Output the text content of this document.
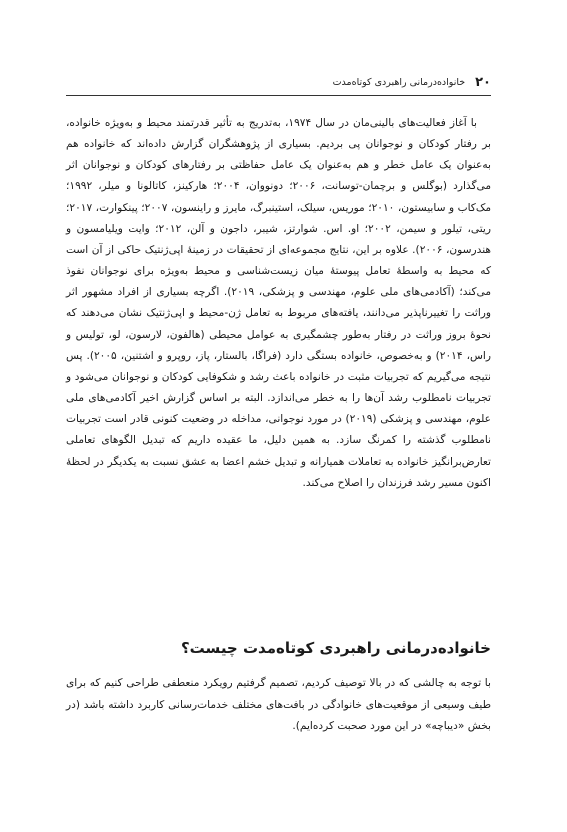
۲۰
خانواده‌درمانی راهبردی کوتاه‌مدت

با آغاز فعالیت‌های بالینی‌مان در سال ۱۹۷۴، به‌تدریج به تأثیر قدرتمند محیط و به‌ویژه خانواده، بر رفتار کودکان و نوجوانان پی بردیم. بسیاری از پژوهشگران گزارش داده‌اند که خانواده هم به‌عنوان یک عامل خطر و هم به‌عنوان یک عامل حفاظتی بر رفتارهای کودکان و نوجوانان اثر می‌گذارد (بوگلس و برچمان-توسانت، ۲۰۰۶؛ دونووان، ۲۰۰۴؛ هارکینز، کاتالونا و میلر، ۱۹۹۲؛ مک‌کاب و سابیستون، ۲۰۱۰؛ موریس، سیلک، استینبرگ، مایرز و راینسون، ۲۰۰۷؛ پینکوارت، ۲۰۱۷؛ ریتی، تیلور و سیمن، ۲۰۰۲؛ او. اس. شوارتز، شیبر، داجون و آلن، ۲۰۱۲؛ وایت ویلیامسون و هندرسون، ۲۰۰۶). علاوه بر این، نتایج مجموعه‌ای از تحقیقات در زمینهٔ اپی‌ژنتیک حاکی از آن است که محیط به واسطهٔ تعامل پیوستهٔ میان زیست‌شناسی و محیط به‌ویژه برای نوجوانان نفوذ می‌کند؛ (آکادمی‌های ملی علوم، مهندسی و پزشکی، ۲۰۱۹). اگرچه بسیاری از افراد مشهور اثر وراثت را تغییرناپذیر می‌دانند، یافته‌های مربوط به تعامل ژن-محیط و اپی‌ژنتیک نشان می‌دهند که نحوهٔ بروز وراثت در رفتار به‌طور چشمگیری به عوامل محیطی (هالفون، لارسون، لو، تولیس و راس، ۲۰۱۴) و به‌خصوص، خانواده بستگی دارد (فراگا، بالستار، پاز، روپرو و اشتنین، ۲۰۰۵). پس نتیجه می‌گیریم که تجربیات مثبت در خانواده باعث رشد و شکوفایی کودکان و نوجوانان می‌شود و تجربیات نامطلوب رشد آن‌ها را به خطر می‌اندازد. البته بر اساس گزارش اخیر آکادمی‌های ملی علوم، مهندسی و پزشکی (۲۰۱۹) در مورد نوجوانی، مداخله در وضعیت کنونی قادر است تجربیات نامطلوب گذشته را کمرنگ سازد. به همین دلیل، ما عقیده داریم که تبدیل الگوهای تعاملی تعارض‌برانگیز خانواده به تعاملات همیارانه و تبدیل خشم اعضا به عشق نسبت به یکدیگر در لحظهٔ اکنون مسیر رشد فرزندان را اصلاح می‌کند.

خانواده‌درمانی راهبردی کوتاه‌مدت چیست؟

با توجه به چالشی که در بالا توصیف کردیم، تصمیم گرفتیم رویکرد منعطفی طراحی کنیم که برای طیف وسیعی از موقعیت‌های خانوادگی در بافت‌های مختلف خدمات‌رسانی کاربرد داشته باشد (در بخش «دیباچه» در این مورد صحبت کرده‌ایم).
